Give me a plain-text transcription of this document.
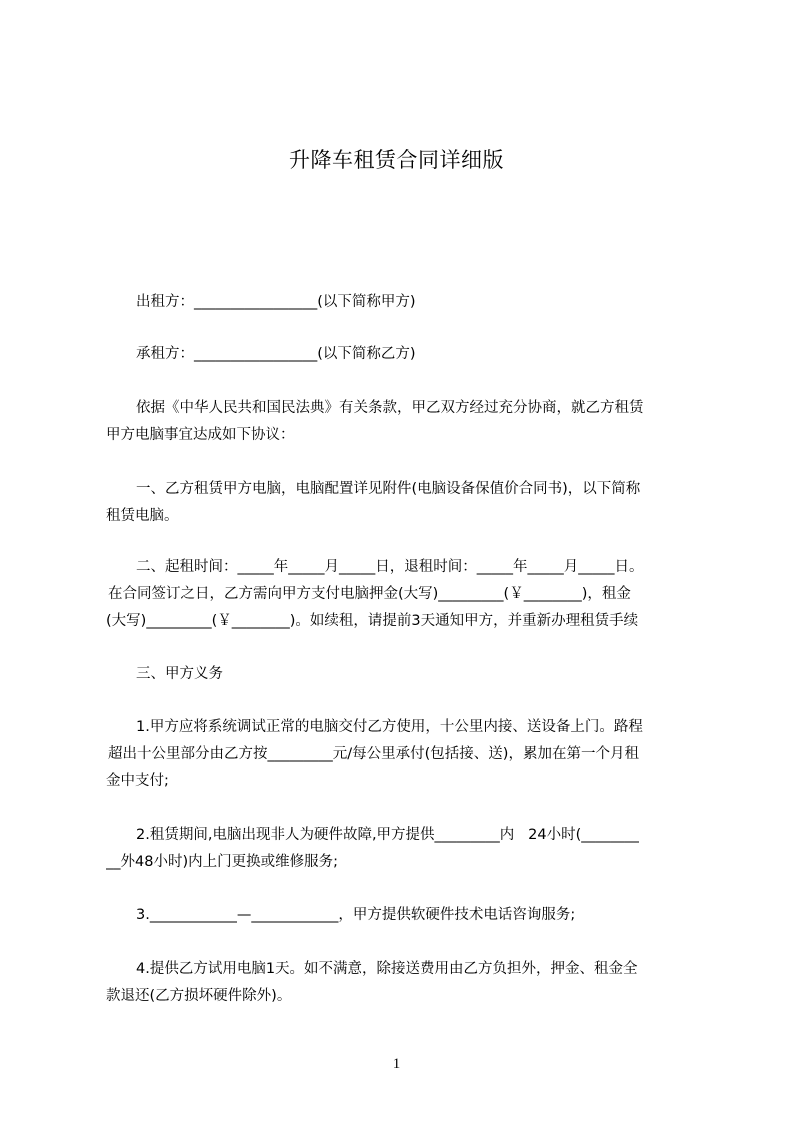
升降车租赁合同详细版
出租方：_________________(以下简称甲方)
承租方：_________________(以下简称乙方)
依据《中华人民共和国民法典》有关条款，甲乙双方经过充分协商，就乙方租赁
甲方电脑事宜达成如下协议：
一、乙方租赁甲方电脑，电脑配置详见附件(电脑设备保值价合同书)，以下简称
租赁电脑。
二、起租时间：_____年_____月_____日，退租时间：_____年_____月_____日。
在合同签订之日，乙方需向甲方支付电脑押金(大写)_________(￥________)，租金
(大写)_________(￥________)。如续租，请提前3天通知甲方，并重新办理租赁手续
三、甲方义务
1.甲方应将系统调试正常的电脑交付乙方使用，十公里内接、送设备上门。路程
超出十公里部分由乙方按_________元/每公里承付(包括接、送)，累加在第一个月租
金中支付;
2.租赁期间,电脑出现非人为硬件故障,甲方提供_________内   24小时(________
__外48小时)内上门更换或维修服务;
3.____________—____________，甲方提供软硬件技术电话咨询服务;
4.提供乙方试用电脑1天。如不满意，除接送费用由乙方负担外，押金、租金全
款退还(乙方损坏硬件除外)。
1
